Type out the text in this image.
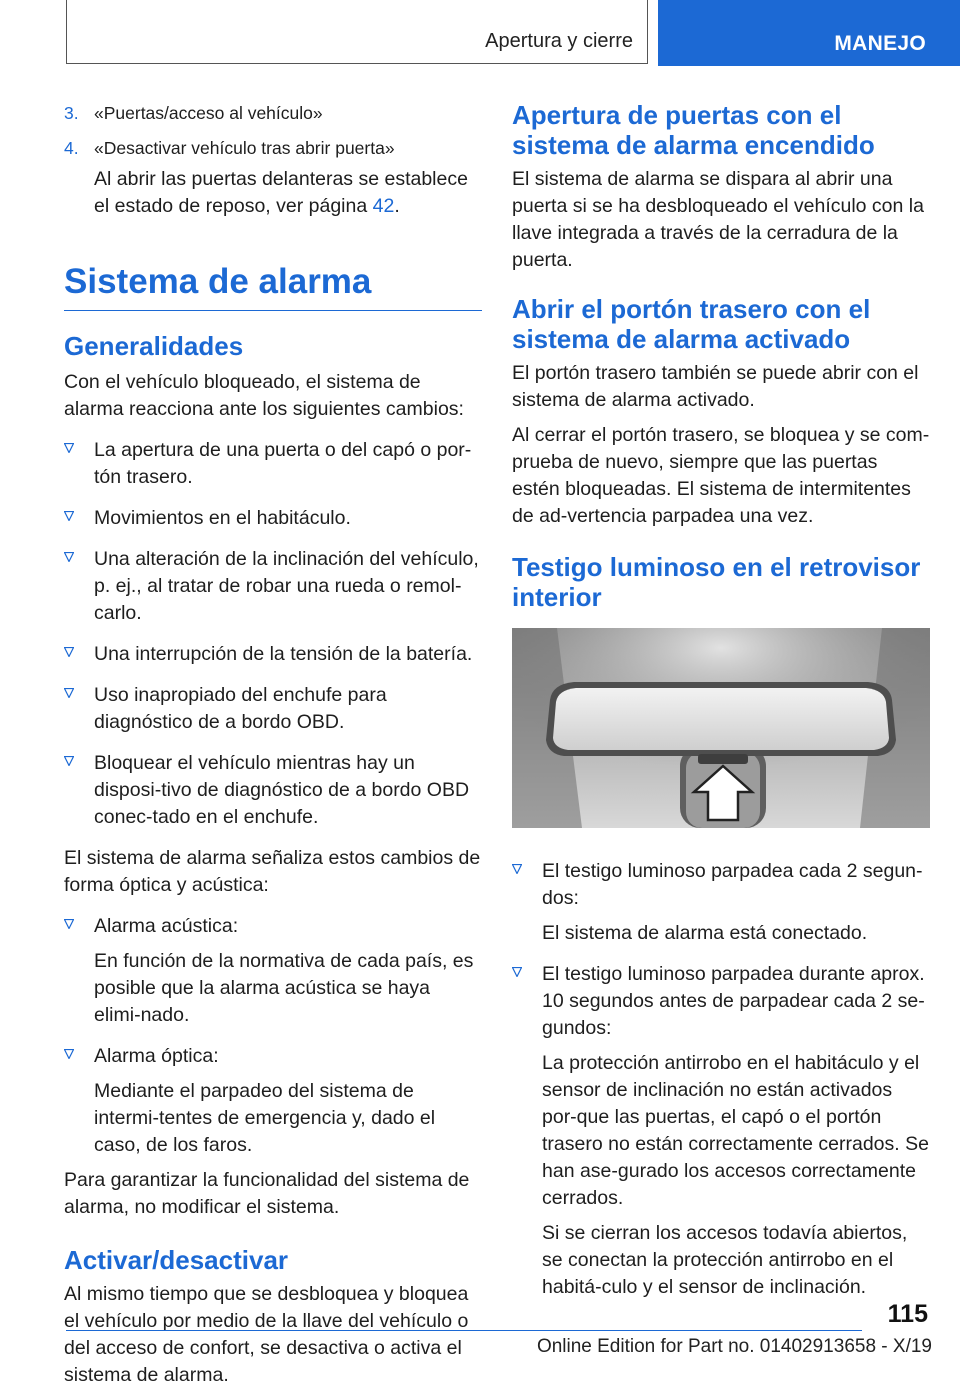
Apertura y cierre	MANEJO
3. «Puertas/acceso al vehículo»
4. «Desactivar vehículo tras abrir puerta»

Al abrir las puertas delanteras se establece el estado de reposo, ver página 42.

Sistema de alarma
Generalidades

Con el vehículo bloqueado, el sistema de alarma reacciona ante los siguientes cambios:

La apertura de una puerta o del capó o por‐tón trasero.

Movimientos en el habitáculo.

Una alteración de la inclinación del vehículo, p. ej., al tratar de robar una rueda o remol‐carlo.

Una interrupción de la tensión de la batería.

Uso inapropiado del enchufe para diagnóstico de a bordo OBD.

Bloquear el vehículo mientras hay un disposi‐tivo de diagnóstico de a bordo OBD conec‐tado en el enchufe.

El sistema de alarma señaliza estos cambios de forma óptica y acústica:

Alarma acústica:

En función de la normativa de cada país, es posible que la alarma acústica se haya elimi‐nado.

Alarma óptica:

Mediante el parpadeo del sistema de intermi‐tentes de emergencia y, dado el caso, de los faros.

Para garantizar la funcionalidad del sistema de alarma, no modificar el sistema.

Activar/desactivar

Al mismo tiempo que se desbloquea y bloquea el vehículo por medio de la llave del vehículo o del acceso de confort, se desactiva o activa el sistema de alarma.

Apertura de puertas con el sistema de alarma encendido

El sistema de alarma se dispara al abrir una puerta si se ha desbloqueado el vehículo con la llave integrada a través de la cerradura de la puerta.

Abrir el portón trasero con el sistema de alarma activado

El portón trasero también se puede abrir con el sistema de alarma activado.

Al cerrar el portón trasero, se bloquea y se com‐prueba de nuevo, siempre que las puertas estén bloqueadas. El sistema de intermitentes de ad‐vertencia parpadea una vez.

Testigo luminoso en el retrovisor interior

El testigo luminoso parpadea cada 2 segun‐dos:

El sistema de alarma está conectado.

El testigo luminoso parpadea durante aprox. 10 segundos antes de parpadear cada 2 se‐gundos:

La protección antirrobo en el habitáculo y el sensor de inclinación no están activados por‐que las puertas, el capó o el portón trasero no están correctamente cerrados. Se han ase‐gurado los accesos correctamente cerrados.

Si se cierran los accesos todavía abiertos, se conectan la protección antirrobo en el habitá‐culo y el sensor de inclinación.

115
Online Edition for Part no. 01402913658 - X/19
